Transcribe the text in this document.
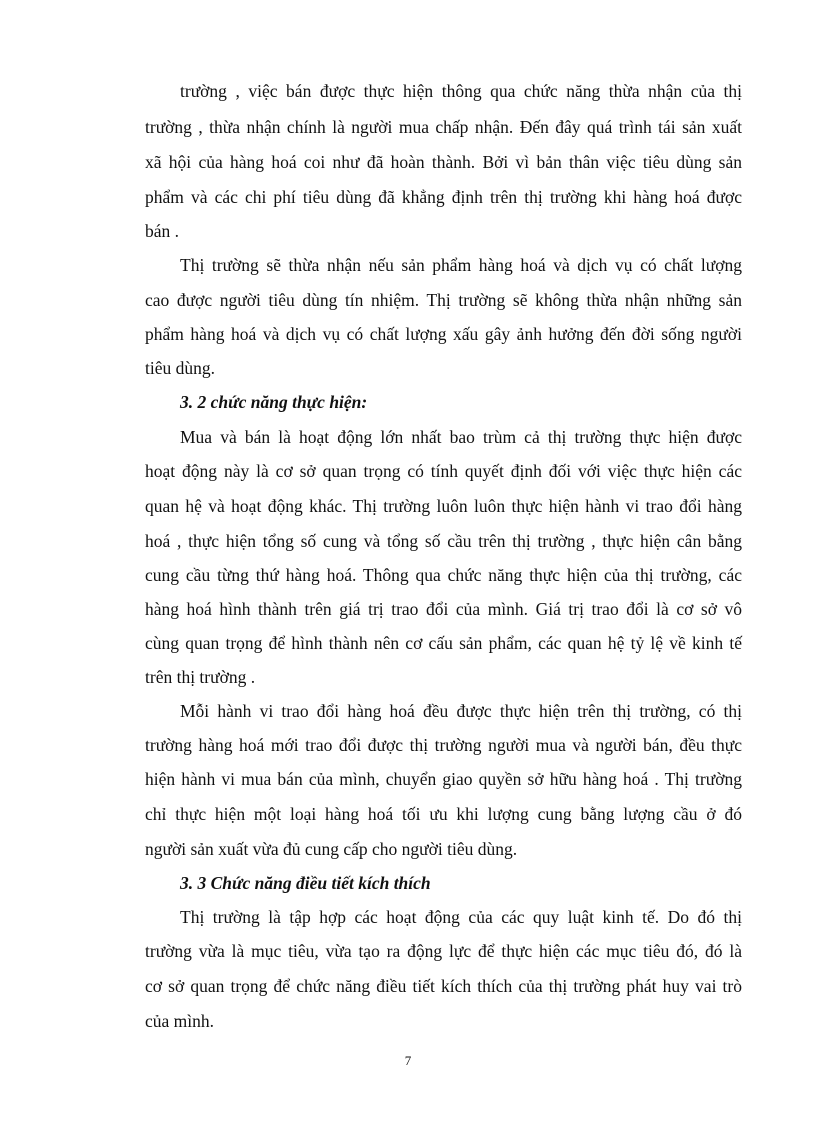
trường , việc bán được thực hiện thông qua chức năng thừa nhận của thị
trường , thừa nhận chính là người mua chấp nhận. Đến đây quá trình tái sản xuất
xã hội của hàng hoá coi như đã hoàn thành. Bởi vì bản thân việc tiêu dùng sản
phẩm và các chi phí tiêu dùng đã khẳng định trên thị trường khi hàng hoá được
bán .
Thị trường sẽ thừa nhận nếu sản phẩm hàng hoá và dịch vụ có chất lượng
cao được người tiêu dùng tín nhiệm. Thị trường sẽ không thừa nhận những sản
phẩm hàng hoá và dịch vụ có chất lượng xấu gây ảnh hưởng đến đời sống người
tiêu dùng.
3. 2 chức năng thực hiện:
Mua và bán là hoạt động lớn nhất bao trùm cả thị trường thực hiện được
hoạt động này là cơ sở quan trọng có tính quyết định đối với việc thực hiện các
quan hệ và hoạt động khác. Thị trường luôn luôn thực hiện hành vi trao đổi hàng
hoá , thực hiện tổng số cung và tổng số cầu trên thị trường , thực hiện cân bằng
cung cầu từng thứ hàng hoá. Thông qua chức năng thực hiện của thị trường, các
hàng hoá hình thành trên giá trị trao đổi của mình. Giá trị trao đổi là cơ sở vô
cùng quan trọng để hình thành nên cơ cấu sản phẩm, các quan hệ tỷ lệ về kinh tế
trên thị trường .
Mỗi hành vi trao đổi hàng hoá đều được thực hiện trên thị trường, có thị
trường hàng hoá mới trao đổi được thị trường người mua và người bán, đều thực
hiện hành vi mua bán của mình, chuyển giao quyền sở hữu hàng hoá . Thị trường
chỉ thực hiện một loại hàng hoá tối ưu khi lượng cung bằng lượng cầu ở đó
người sản xuất vừa đủ cung cấp cho người tiêu dùng.
3. 3 Chức năng điều tiết kích thích
Thị trường là tập hợp các hoạt động của các quy luật kinh tế. Do đó thị
trường vừa là mục tiêu, vừa tạo ra động lực để thực hiện các mục tiêu đó, đó là
cơ sở quan trọng để chức năng điều tiết kích thích của thị trường phát huy vai trò
của mình.
7
